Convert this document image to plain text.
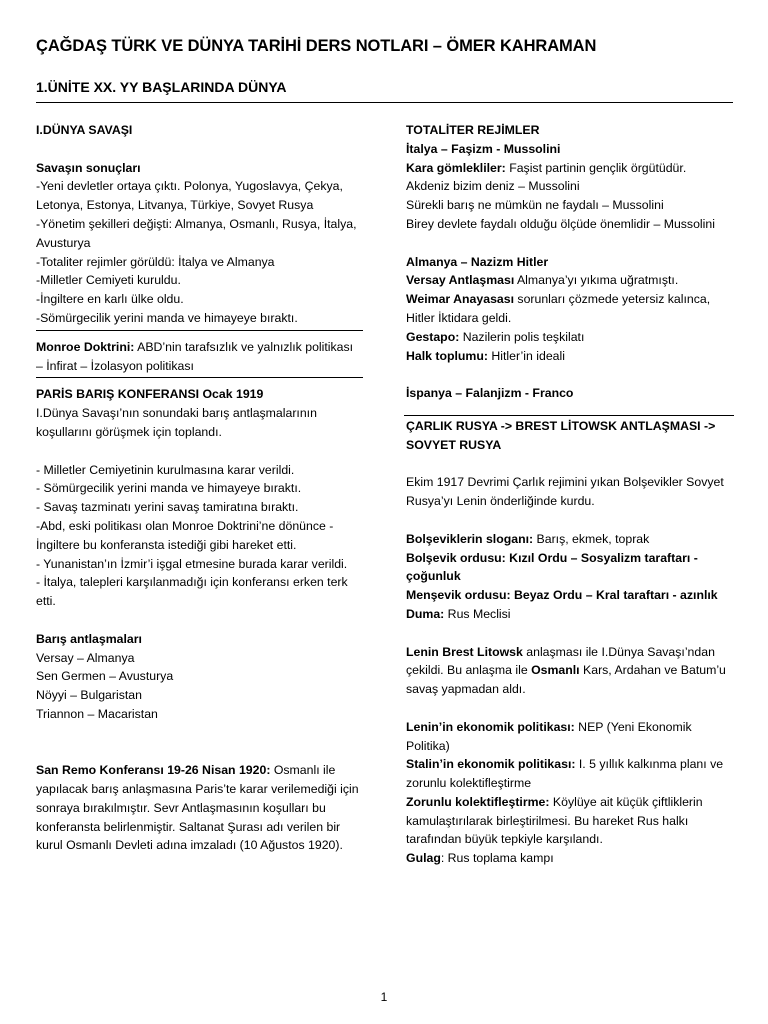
ÇAĞDAŞ TÜRK VE DÜNYA TARİHİ DERS NOTLARI – ÖMER KAHRAMAN
1.ÜNİTE XX. YY BAŞLARINDA DÜNYA

I.DÜNYA SAVAŞI

Savaşın sonuçları

-Yeni devletler ortaya çıktı. Polonya, Yugoslavya, Çekya, Letonya, Estonya, Litvanya, Türkiye, Sovyet Rusya

-Yönetim şekilleri değişti: Almanya, Osmanlı, Rusya, İtalya, Avusturya

-Totaliter rejimler görüldü: İtalya ve Almanya

-Milletler Cemiyeti kuruldu.

-İngiltere en karlı ülke oldu.

-Sömürgecilik yerini manda ve himayeye bıraktı.

Monroe Doktrini: ABD’nin tarafsızlık ve yalnızlık politikası – İnfirat – İzolasyon politikası

PARİS BARIŞ KONFERANSI Ocak 1919

I.Dünya Savaşı’nın sonundaki barış antlaşmalarının koşullarını görüşmek için toplandı.

- Milletler Cemiyetinin kurulmasına karar verildi.

- Sömürgecilik yerini manda ve himayeye bıraktı.

- Savaş tazminatı yerini savaş tamiratına bıraktı.

-Abd, eski politikası olan Monroe Doktrini’ne dönünce - İngiltere bu konferansta istediği gibi hareket etti.

- Yunanistan’ın İzmir’i işgal etmesine burada karar verildi.

- İtalya, talepleri karşılanmadığı için konferansı erken terk etti.

Barış antlaşmaları

Versay – Almanya

Sen Germen – Avusturya

Nöyyi – Bulgaristan

Triannon – Macaristan

San Remo Konferansı 19-26 Nisan 1920: Osmanlı ile yapılacak barış anlaşmasına Paris’te karar verilemediği için sonraya bırakılmıştır. Sevr Antlaşmasının koşulları bu konferansta belirlenmiştir. Saltanat Şurası adı verilen bir kurul Osmanlı Devleti adına imzaladı (10 Ağustos 1920).

TOTALİTER REJİMLER

İtalya – Faşizm - Mussolini

Kara gömlekliler: Faşist partinin gençlik örgütüdür.

Akdeniz bizim deniz – Mussolini

Sürekli barış ne mümkün ne faydalı – Mussolini

Birey devlete faydalı olduğu ölçüde önemlidir – Mussolini

Almanya – Nazizm Hitler

Versay Antlaşması Almanya’yı yıkıma uğratmıştı.

Weimar Anayasası sorunları çözmede yetersiz kalınca, Hitler İktidara geldi.

Gestapo: Nazilerin polis teşkilatı

Halk toplumu: Hitler’in ideali

İspanya – Falanjizm - Franco

ÇARLIK RUSYA -> BREST LİTOWSK ANTLAŞMASI -> SOVYET RUSYA

Ekim 1917 Devrimi Çarlık rejimini yıkan Bolşevikler Sovyet Rusya’yı Lenin önderliğinde kurdu.

Bolşeviklerin sloganı: Barış, ekmek, toprak

Bolşevik ordusu: Kızıl Ordu – Sosyalizm taraftarı - çoğunluk

Menşevik ordusu: Beyaz Ordu – Kral taraftarı - azınlık

Duma: Rus Meclisi

Lenin Brest Litowsk anlaşması ile I.Dünya Savaşı’ndan çekildi. Bu anlaşma ile Osmanlı Kars, Ardahan ve Batum’u savaş yapmadan aldı.

Lenin’in ekonomik politikası: NEP (Yeni Ekonomik Politika)

Stalin’in ekonomik politikası: I. 5 yıllık kalkınma planı ve zorunlu kolektifleştirme

Zorunlu kolektifleştirme: Köylüye ait küçük çiftliklerin kamulaştırılarak birleştirilmesi. Bu hareket Rus halkı tarafından büyük tepkiyle karşılandı.

Gulag: Rus toplama kampı

1
